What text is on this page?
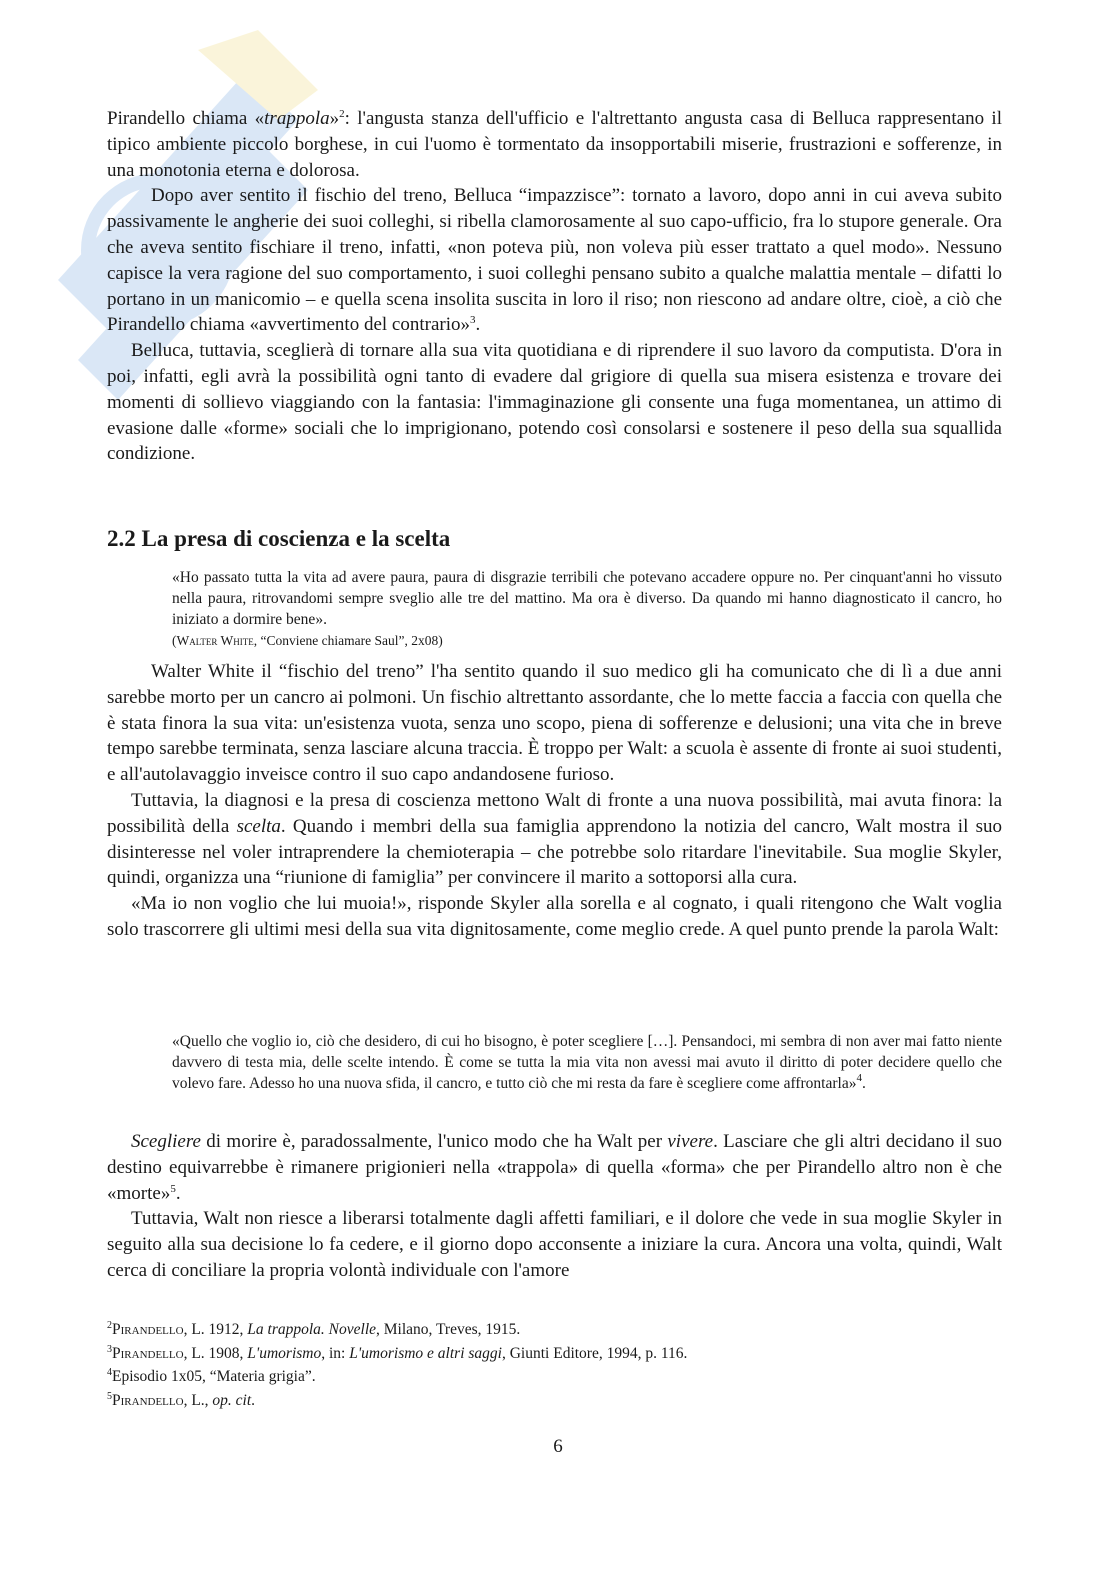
Pirandello chiama «trappola»$^2$: l'angusta stanza dell'ufficio e l'altrettanto angusta casa di Belluca rappresentano il tipico ambiente piccolo borghese, in cui l'uomo è tormentato da insopportabili miserie, frustrazioni e sofferenze, in una monotonia eterna e dolorosa.

Dopo aver sentito il fischio del treno, Belluca “impazzisce”: tornato a lavoro, dopo anni in cui aveva subito passivamente le angherie dei suoi colleghi, si ribella clamorosamente al suo capo-ufficio, fra lo stupore generale. Ora che aveva sentito fischiare il treno, infatti, «non poteva più, non voleva più esser trattato a quel modo». Nessuno capisce la vera ragione del suo comportamento, i suoi colleghi pensano subito a qualche malattia mentale – difatti lo portano in un manicomio – e quella scena insolita suscita in loro il riso; non riescono ad andare oltre, cioè, a ciò che Pirandello chiama «avvertimento del contrario»$^3$.

Belluca, tuttavia, sceglierà di tornare alla sua vita quotidiana e di riprendere il suo lavoro da computista. D'ora in poi, infatti, egli avrà la possibilità ogni tanto di evadere dal grigiore di quella sua misera esistenza e trovare dei momenti di sollievo viaggiando con la fantasia: l'immaginazione gli consente una fuga momentanea, un attimo di evasione dalle «forme» sociali che lo imprigionano, potendo così consolarsi e sostenere il peso della sua squallida condizione.

2.2 La presa di coscienza e la scelta

«Ho passato tutta la vita ad avere paura, paura di disgrazie terribili che potevano accadere oppure no. Per cinquant'anni ho vissuto nella paura, ritrovandomi sempre sveglio alle tre del mattino. Ma ora è diverso. Da quando mi hanno diagnosticato il cancro, ho iniziato a dormire bene».

(Walter White, “Conviene chiamare Saul”, 2x08)

Walter White il “fischio del treno” l'ha sentito quando il suo medico gli ha comunicato che di lì a due anni sarebbe morto per un cancro ai polmoni. Un fischio altrettanto assordante, che lo mette faccia a faccia con quella che è stata finora la sua vita: un'esistenza vuota, senza uno scopo, piena di sofferenze e delusioni; una vita che in breve tempo sarebbe terminata, senza lasciare alcuna traccia. È troppo per Walt: a scuola è assente di fronte ai suoi studenti, e all'autolavaggio inveisce contro il suo capo andandosene furioso.

Tuttavia, la diagnosi e la presa di coscienza mettono Walt di fronte a una nuova possibilità, mai avuta finora: la possibilità della scelta. Quando i membri della sua famiglia apprendono la notizia del cancro, Walt mostra il suo disinteresse nel voler intraprendere la chemioterapia – che potrebbe solo ritardare l'inevitabile. Sua moglie Skyler, quindi, organizza una “riunione di famiglia” per convincere il marito a sottoporsi alla cura.

«Ma io non voglio che lui muoia!», risponde Skyler alla sorella e al cognato, i quali ritengono che Walt voglia solo trascorrere gli ultimi mesi della sua vita dignitosamente, come meglio crede. A quel punto prende la parola Walt:

«Quello che voglio io, ciò che desidero, di cui ho bisogno, è poter scegliere […]. Pensandoci, mi sembra di non aver mai fatto niente davvero di testa mia, delle scelte intendo. È come se tutta la mia vita non avessi mai avuto il diritto di poter decidere quello che volevo fare. Adesso ho una nuova sfida, il cancro, e tutto ciò che mi resta da fare è scegliere come affrontarla»$^4$.

Scegliere di morire è, paradossalmente, l'unico modo che ha Walt per vivere. Lasciare che gli altri decidano il suo destino equivarrebbe è rimanere prigionieri nella «trappola» di quella «forma» che per Pirandello altro non è che «morte»$^5$.

Tuttavia, Walt non riesce a liberarsi totalmente dagli affetti familiari, e il dolore che vede in sua moglie Skyler in seguito alla sua decisione lo fa cedere, e il giorno dopo acconsente a iniziare la cura. Ancora una volta, quindi, Walt cerca di conciliare la propria volontà individuale con l'amore

$^2$Pirandello, L. 1912, La trappola. Novelle, Milano, Treves, 1915.

$^3$Pirandello, L. 1908, L'umorismo, in: L'umorismo e altri saggi, Giunti Editore, 1994, p. 116.

$^4$Episodio 1x05, “Materia grigia”.

$^5$Pirandello, L., op. cit.

6
